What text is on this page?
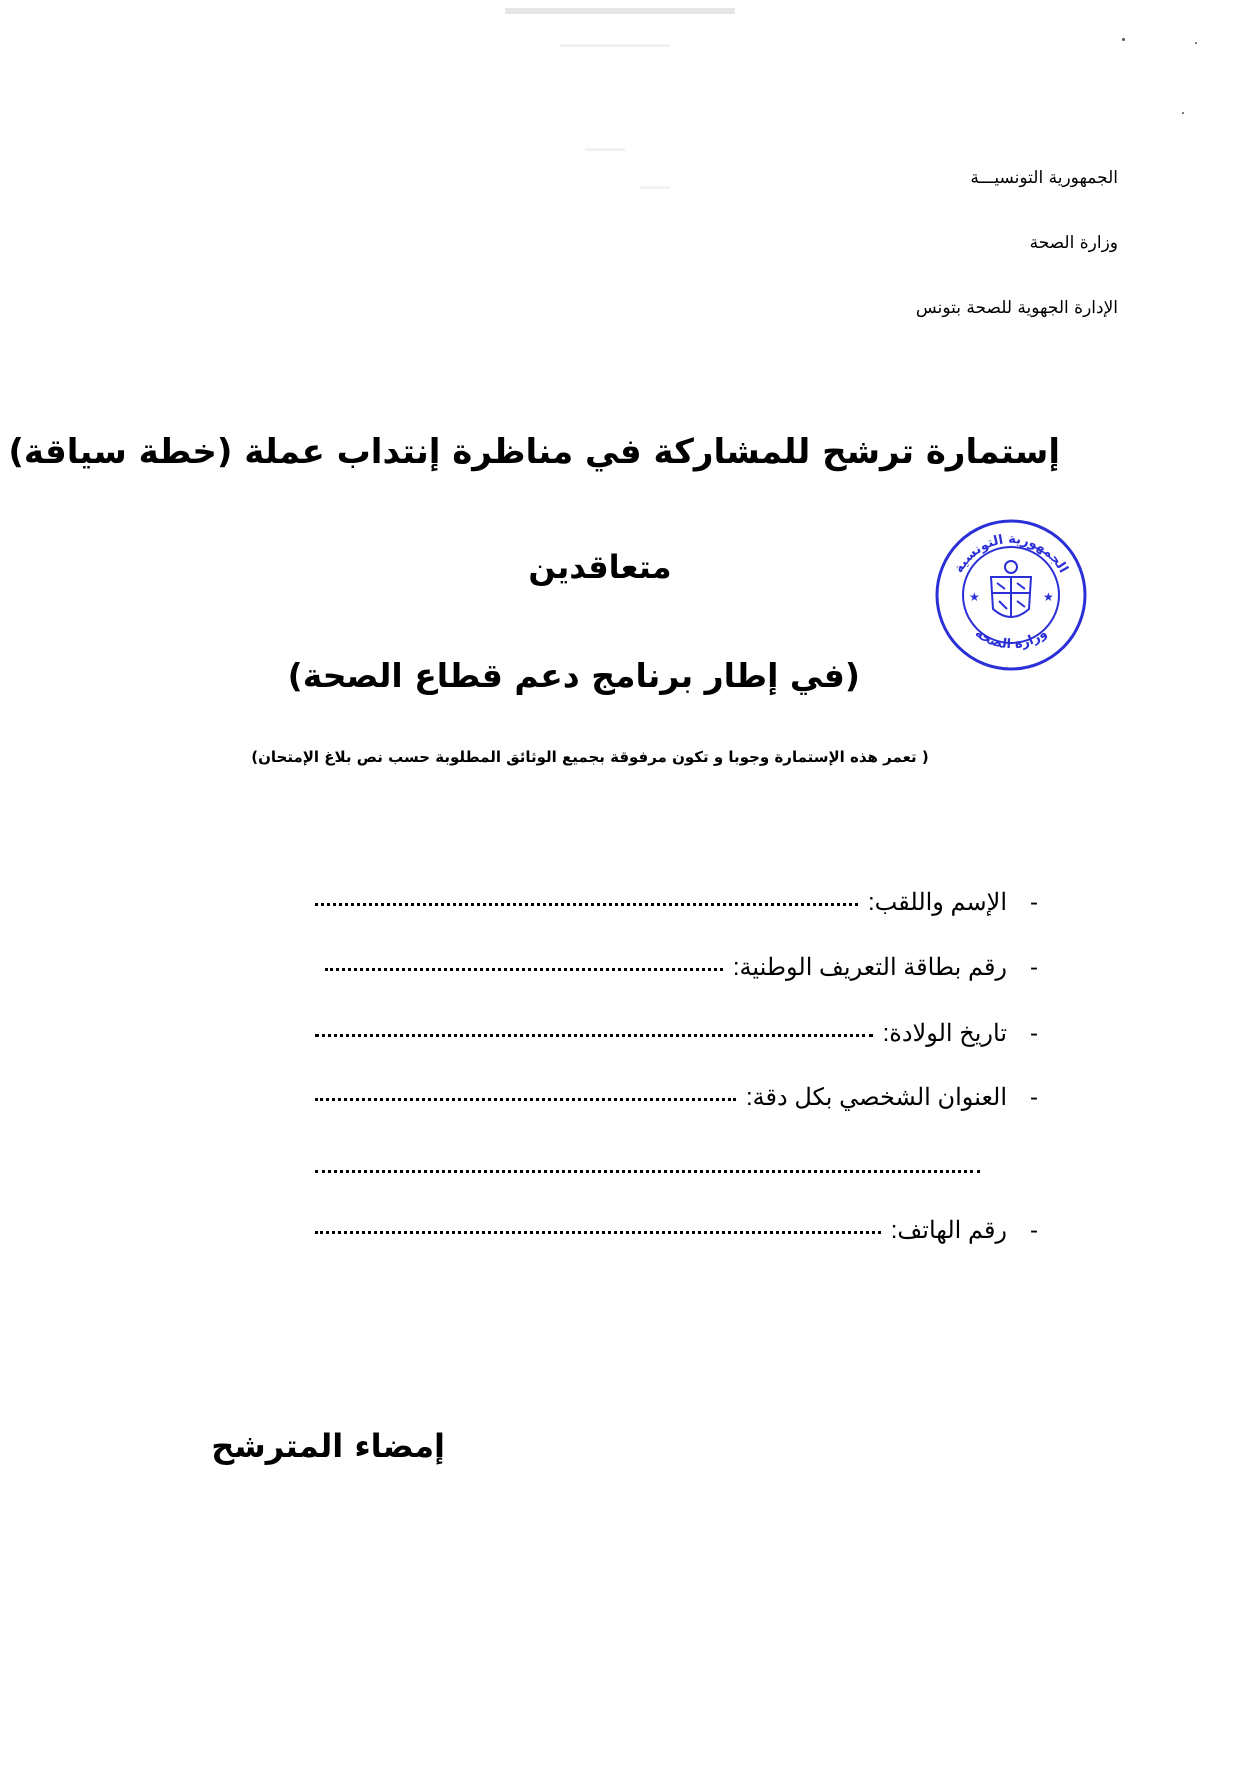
الجمهورية التونسيـــة
وزارة الصحة
الإدارة الجهوية للصحة بتونس
إستمارة ترشح للمشاركة في مناظرة إنتداب عملة (خطة سياقة)
متعاقدين
(في إطار برنامج دعم قطاع الصحة)
( تعمر هذه الإستمارة وجوبا و تكون مرفوقة بجميع الوثائق المطلوبة حسب نص بلاغ الإمتحان)
الجمهورية التونسية
وزارة الصحة
★	★
-
الإسم واللقب:
-
رقم بطاقة التعريف الوطنية:
-
تاريخ الولادة:
-
العنوان الشخصي بكل دقة:
-
رقم الهاتف:
إمضاء المترشح
